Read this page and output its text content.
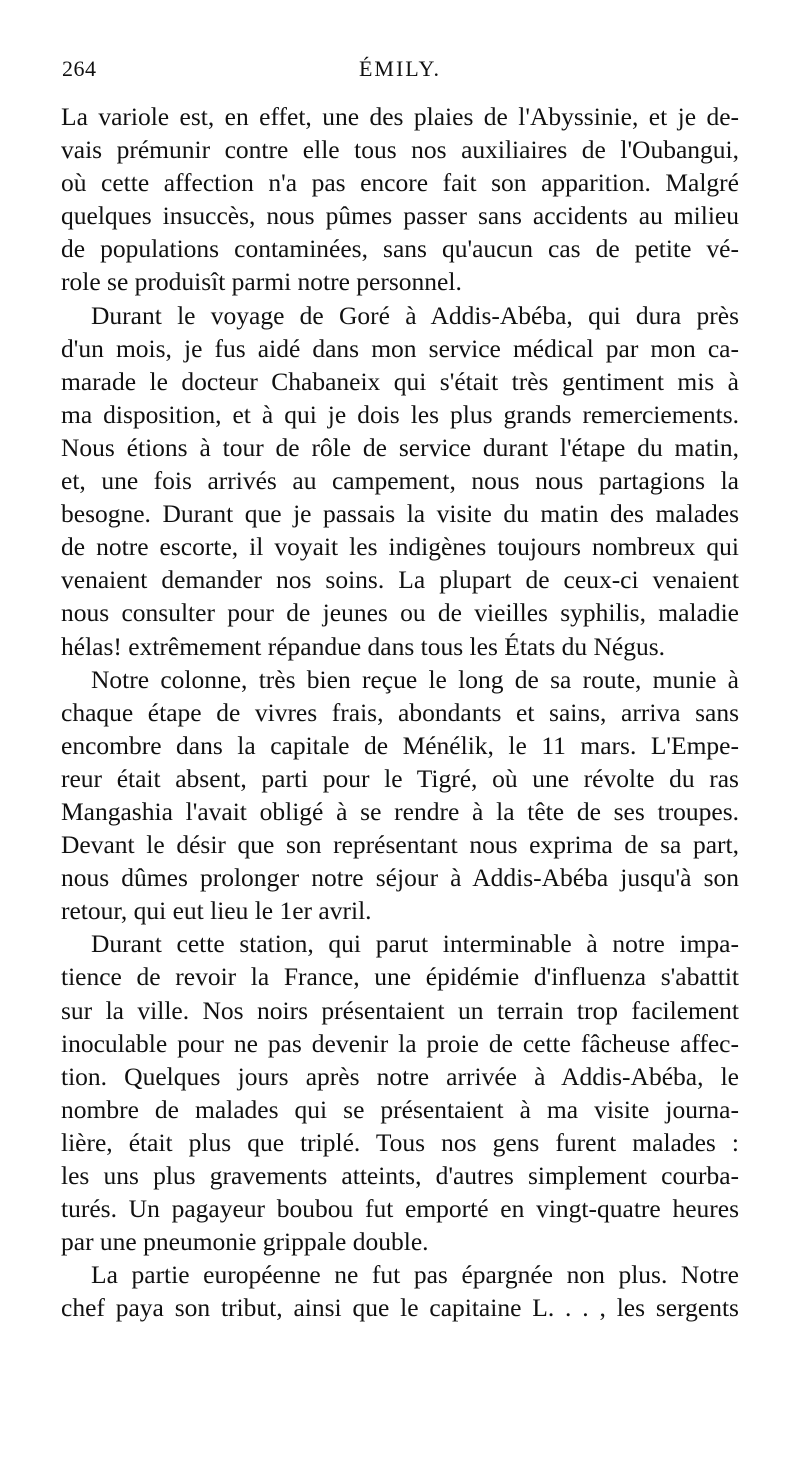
264	ÉMILY.
La variole est, en effet, une des plaies de l'Abyssinie, et je de-
vais prémunir contre elle tous nos auxiliaires de l'Oubangui,
où cette affection n'a pas encore fait son apparition. Malgré
quelques insuccès, nous pûmes passer sans accidents au milieu
de populations contaminées, sans qu'aucun cas de petite vé-
role se produisît parmi notre personnel.
Durant le voyage de Goré à Addis-Abéba, qui dura près
d'un mois, je fus aidé dans mon service médical par mon ca-
marade le docteur Chabaneix qui s'était très gentiment mis à
ma disposition, et à qui je dois les plus grands remerciements.
Nous étions à tour de rôle de service durant l'étape du matin,
et, une fois arrivés au campement, nous nous partagions la
besogne. Durant que je passais la visite du matin des malades
de notre escorte, il voyait les indigènes toujours nombreux qui
venaient demander nos soins. La plupart de ceux-ci venaient
nous consulter pour de jeunes ou de vieilles syphilis, maladie
hélas! extrêmement répandue dans tous les États du Négus.
Notre colonne, très bien reçue le long de sa route, munie à
chaque étape de vivres frais, abondants et sains, arriva sans
encombre dans la capitale de Ménélik, le 11 mars. L'Empe-
reur était absent, parti pour le Tigré, où une révolte du ras
Mangashia l'avait obligé à se rendre à la tête de ses troupes.
Devant le désir que son représentant nous exprima de sa part,
nous dûmes prolonger notre séjour à Addis-Abéba jusqu'à son
retour, qui eut lieu le 1er avril.
Durant cette station, qui parut interminable à notre impa-
tience de revoir la France, une épidémie d'influenza s'abattit
sur la ville. Nos noirs présentaient un terrain trop facilement
inoculable pour ne pas devenir la proie de cette fâcheuse affec-
tion. Quelques jours après notre arrivée à Addis-Abéba, le
nombre de malades qui se présentaient à ma visite journa-
lière, était plus que triplé. Tous nos gens furent malades :
les uns plus gravements atteints, d'autres simplement courba-
turés. Un pagayeur boubou fut emporté en vingt-quatre heures
par une pneumonie grippale double.
La partie européenne ne fut pas épargnée non plus. Notre
chef paya son tribut, ainsi que le capitaine L. . . , les sergents
